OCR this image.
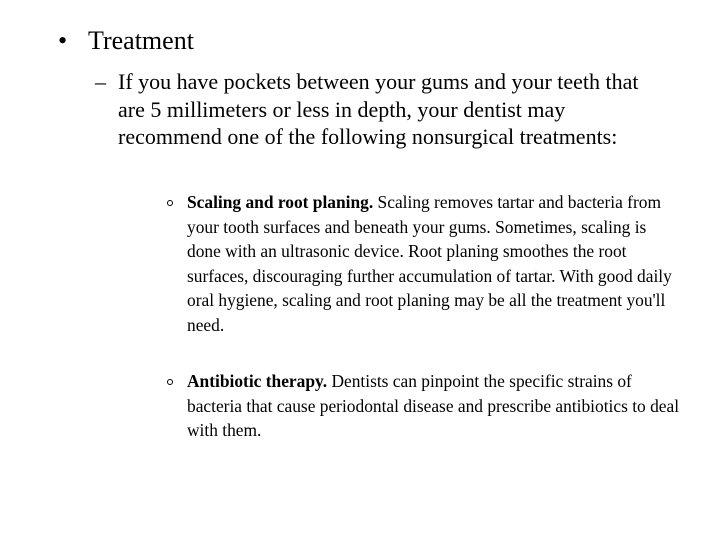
• Treatment
– If you have pockets between your gums and your teeth that are 5 millimeters or less in depth, your dentist may recommend one of the following nonsurgical treatments:
Scaling and root planing. Scaling removes tartar and bacteria from your tooth surfaces and beneath your gums. Sometimes, scaling is done with an ultrasonic device. Root planing smoothes the root surfaces, discouraging further accumulation of tartar. With good daily oral hygiene, scaling and root planing may be all the treatment you'll need.
Antibiotic therapy. Dentists can pinpoint the specific strains of bacteria that cause periodontal disease and prescribe antibiotics to deal with them.
